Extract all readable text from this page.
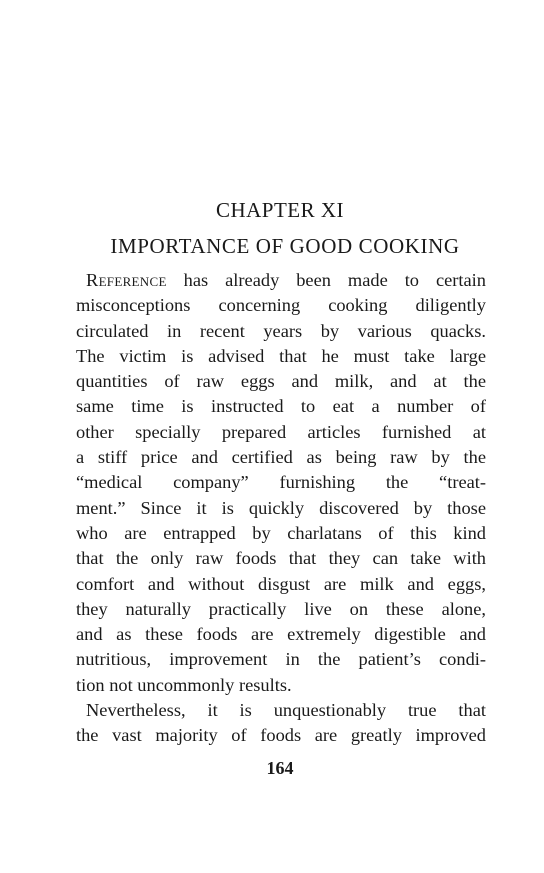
CHAPTER XI
IMPORTANCE OF GOOD COOKING
Reference has already been made to certain
misconceptions concerning cooking diligently
circulated in recent years by various quacks.
The victim is advised that he must take large
quantities of raw eggs and milk, and at the
same time is instructed to eat a number of
other specially prepared articles furnished at
a stiff price and certified as being raw by the
“medical company” furnishing the “treat-
ment.” Since it is quickly discovered by those
who are entrapped by charlatans of this kind
that the only raw foods that they can take with
comfort and without disgust are milk and eggs,
they naturally practically live on these alone,
and as these foods are extremely digestible and
nutritious, improvement in the patient’s condi-
tion not uncommonly results.
Nevertheless, it is unquestionably true that
the vast majority of foods are greatly improved
164
